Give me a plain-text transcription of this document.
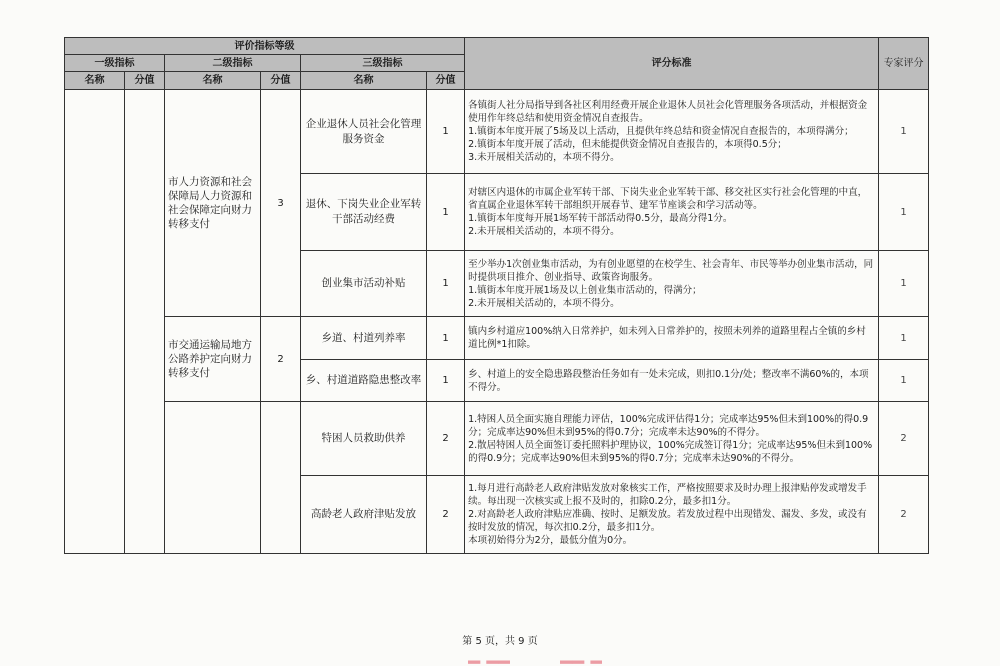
评价指标等级						评分标准	专家评分
一级指标		二级指标		三级指标			
名称	分值	名称	分值	名称	分值		
		市人力资源和社会保障局人力资源和社会保障定向财力转移支付	3	企业退休人员社会化管理服务资金	1	各镇街人社分局指导到各社区利用经费开展企业退休人员社会化管理服务各项活动，并根据资金使用作年终总结和使用资金情况自查报告。
1.镇街本年度开展了5场及以上活动，且提供年终总结和资金情况自查报告的，本项得满分；
2.镇街本年度开展了活动，但未能提供资金情况自查报告的，本项得0.5分；
3.未开展相关活动的，本项不得分。	1
				退休、下岗失业企业军转干部活动经费	1	对辖区内退休的市属企业军转干部、下岗失业企业军转干部、移交社区实行社会化管理的中直，省直属企业退休军转干部组织开展春节、建军节座谈会和学习活动等。
1.镇街本年度每开展1场军转干部活动得0.5分，最高分得1分。
2.未开展相关活动的，本项不得分。	1
				创业集市活动补贴	1	至少举办1次创业集市活动，为有创业愿望的在校学生、社会青年、市民等举办创业集市活动，同时提供项目推介、创业指导、政策咨询服务。
1.镇街本年度开展1场及以上创业集市活动的，得满分；
2.未开展相关活动的，本项不得分。	1
		市交通运输局地方公路养护定向财力转移支付	2	乡道、村道列养率	1	镇内乡村道应100%纳入日常养护，如未列入日常养护的，按照未列养的道路里程占全镇的乡村道比例*1扣除。	1
				乡、村道道路隐患整改率	1	乡、村道上的安全隐患路段整治任务如有一处未完成，则扣0.1分/处；整改率不满60%的，本项不得分。	1
				特困人员救助供养	2	1.特困人员全面实施自理能力评估，100%完成评估得1分；完成率达95%但未到100%的得0.9分；完成率达90%但未到95%的得0.7分；完成率未达90%的不得分。
2.散居特困人员全面签订委托照料护理协议，100%完成签订得1分；完成率达95%但未到100%的得0.9分；完成率达90%但未到95%的得0.7分；完成率未达90%的不得分。	2
				高龄老人政府津贴发放	2	1.每月进行高龄老人政府津贴发放对象核实工作，严格按照要求及时办理上报津贴停发或增发手续。每出现一次核实或上报不及时的，扣除0.2分，最多扣1分。
2.对高龄老人政府津贴应准确、按时、足额发放。若发放过程中出现错发、漏发、多发，或没有按时发放的情况，每次扣0.2分，最多扣1分。
本项初始得分为2分，最低分值为0分。	2
第 5 页，共 9 页
━ ━━ ━━ ━
